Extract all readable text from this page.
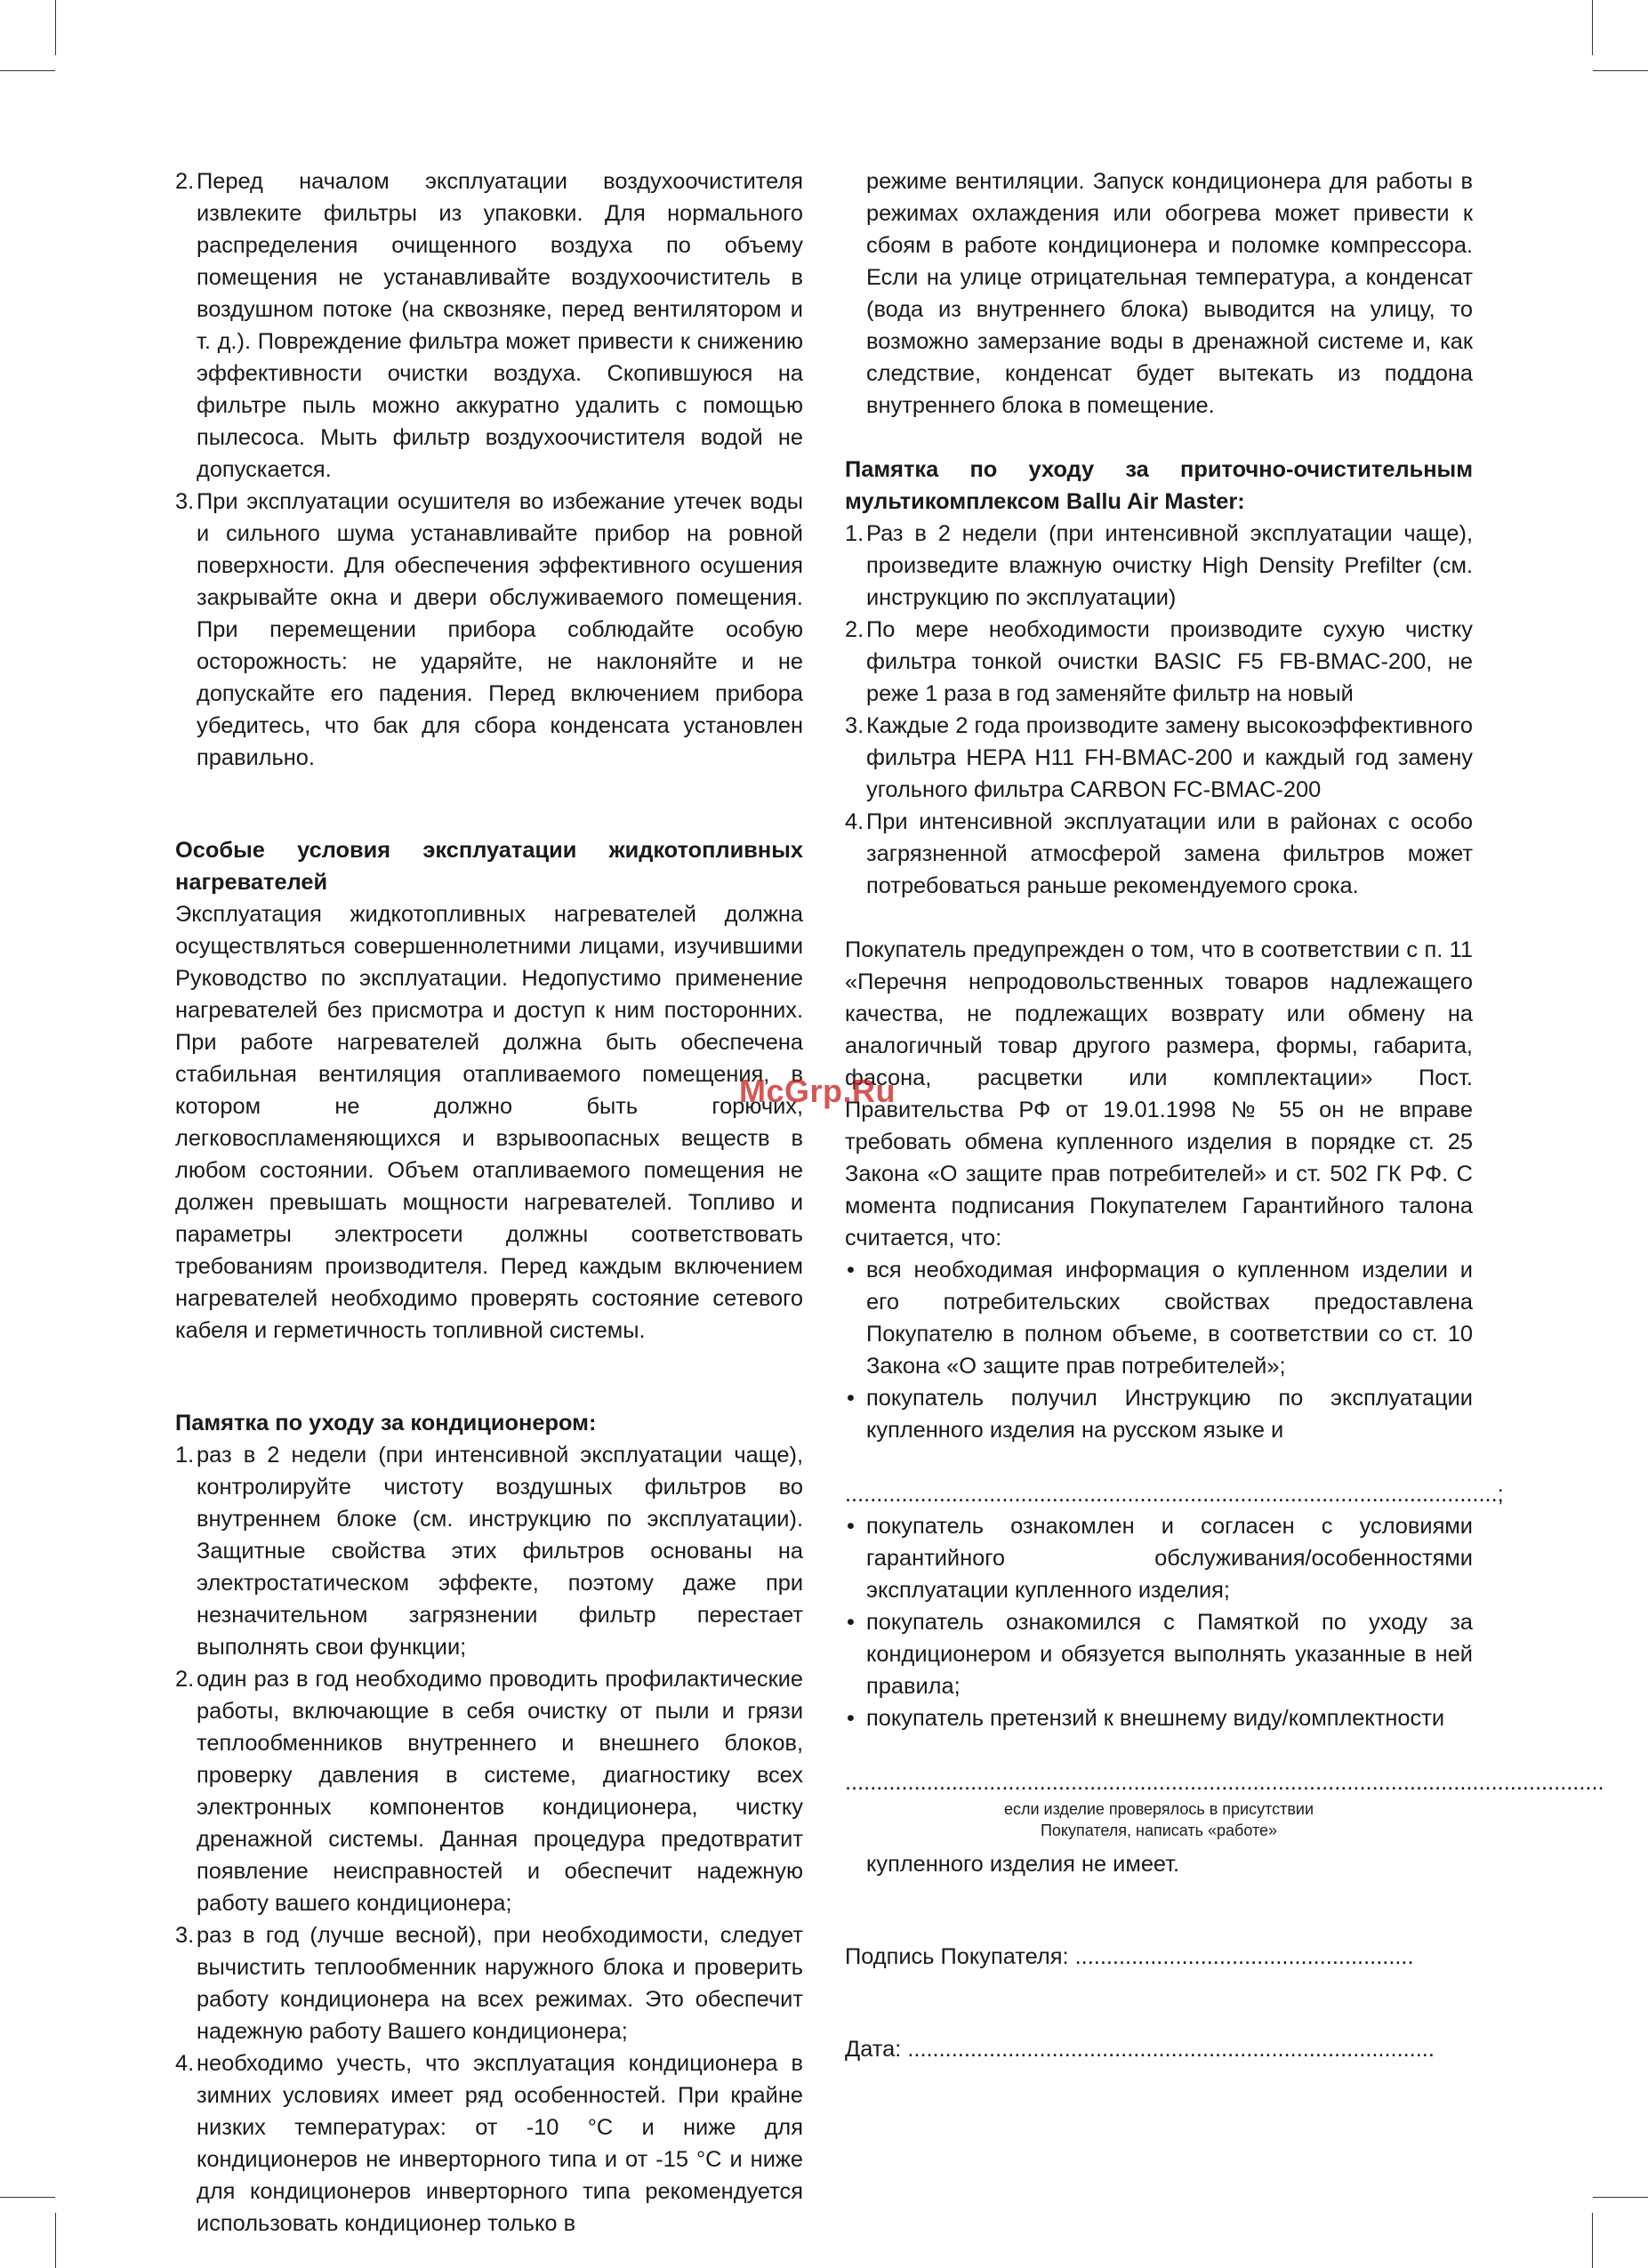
2. Перед началом эксплуатации воздухоочистителя извлеките фильтры из упаковки. Для нормального распределения очищенного воздуха по объему помещения не устанавливайте воздухоочиститель в воздушном потоке (на сквозняке, перед вентилятором и т. д.). Повреждение фильтра может привести к снижению эффективности очистки воздуха. Скопившуюся на фильтре пыль можно аккуратно удалить с помощью пылесоса. Мыть фильтр воздухоочистителя водой не допускается.
3. При эксплуатации осушителя во избежание утечек воды и сильного шума устанавливайте прибор на ровной поверхности. Для обеспечения эффективного осушения закрывайте окна и двери обслуживаемого помещения. При перемещении прибора соблюдайте особую осторожность: не ударяйте, не наклоняйте и не допускайте его падения. Перед включением прибора убедитесь, что бак для сбора конденсата установлен правильно.

Особые условия эксплуатации жидкотопливных нагревателей

Эксплуатация жидкотопливных нагревателей должна осуществляться совершеннолетними лицами, изучившими Руководство по эксплуатации. Недопустимо применение нагревателей без присмотра и доступ к ним посторонних. При работе нагревателей должна быть обеспечена стабильная вентиляция отапливаемого помещения, в котором не должно быть горючих, легковоспламеняющихся и взрывоопасных веществ в любом состоянии. Объем отапливаемого помещения не должен превышать мощности нагревателей. Топливо и параметры электросети должны соответствовать требованиям производителя. Перед каждым включением нагревателей необходимо проверять состояние сетевого кабеля и герметичность топливной системы.

Памятка по уходу за кондиционером:

1. раз в 2 недели (при интенсивной эксплуатации чаще), контролируйте чистоту воздушных фильтров во внутреннем блоке (см. инструкцию по эксплуатации). Защитные свойства этих фильтров основаны на электростатическом эффекте, поэтому даже при незначительном загрязнении фильтр перестает выполнять свои функции;
2. один раз в год необходимо проводить профилактические работы, включающие в себя очистку от пыли и грязи теплообменников внутреннего и внешнего блоков, проверку давления в системе, диагностику всех электронных компонентов кондиционера, чистку дренажной системы. Данная процедура предотвратит появление неисправностей и обеспечит надежную работу вашего кондиционера;
3. раз в год (лучше весной), при необходимости, следует вычистить теплообменник наружного блока и проверить работу кондиционера на всех режимах. Это обеспечит надежную работу Вашего кондиционера;
4. необходимо учесть, что эксплуатация кондиционера в зимних условиях имеет ряд особенностей. При крайне низких температурах: от -10 °С и ниже для кондиционеров не инверторного типа и от -15 °С и ниже для кондиционеров инверторного типа рекомендуется использовать кондиционер только в

режиме вентиляции. Запуск кондиционера для работы в режимах охлаждения или обогрева может привести к сбоям в работе кондиционера и поломке компрессора. Если на улице отрицательная температура, а конденсат (вода из внутреннего блока) выводится на улицу, то возможно замерзание воды в дренажной системе и, как следствие, конденсат будет вытекать из поддона внутреннего блока в помещение.

Памятка по уходу за приточно-очистительным мультикомплексом Ballu Air Master:

1. Раз в 2 недели (при интенсивной эксплуатации чаще), произведите влажную очистку High Density Prefilter (см. инструкцию по эксплуатации)
2. По мере необходимости производите сухую чистку фильтра тонкой очистки BASIC F5 FB-BMAC-200, не реже 1 раза в год заменяйте фильтр на новый
3. Каждые 2 года производите замену высокоэффективного фильтра HEPA H11 FH-BMAC-200 и каждый год замену угольного фильтра CARBON FC-BMAC-200
4. При интенсивной эксплуатации или в районах с особо загрязненной атмосферой замена фильтров может потребоваться раньше рекомендуемого срока.

Покупатель предупрежден о том, что в соответствии с п. 11 «Перечня непродовольственных товаров надлежащего качества, не подлежащих возврату или обмену на аналогичный товар другого размера, формы, габарита, фасона, расцветки или комплектации» Пост. Правительства РФ от 19.01.1998 № 55 он не вправе требовать обмена купленного изделия в порядке ст. 25 Закона «О защите прав потребителей» и ст. 502 ГК РФ. С момента подписания Покупателем Гарантийного талона считается, что:

• вся необходимая информация о купленном изделии и его потребительских свойствах предоставлена Покупателю в полном объеме, в соответствии со ст. 10 Закона «О защите прав потребителей»;
• покупатель получил Инструкцию по эксплуатации купленного изделия на русском языке и
........................................................................................................;
• покупатель ознакомлен и согласен с условиями гарантийного обслуживания/особенностями эксплуатации купленного изделия;
• покупатель ознакомился с Памяткой по уходу за кондиционером и обязуется выполнять указанные в ней правила;
• покупатель претензий к внешнему виду/комплектности
.........................................................................................................................

если изделие проверялось в присутствии

Покупателя, написать «работе»

купленного изделия не имеет.

Подпись Покупателя: ......................................................
Дата: ....................................................................................
McGrp.Ru
